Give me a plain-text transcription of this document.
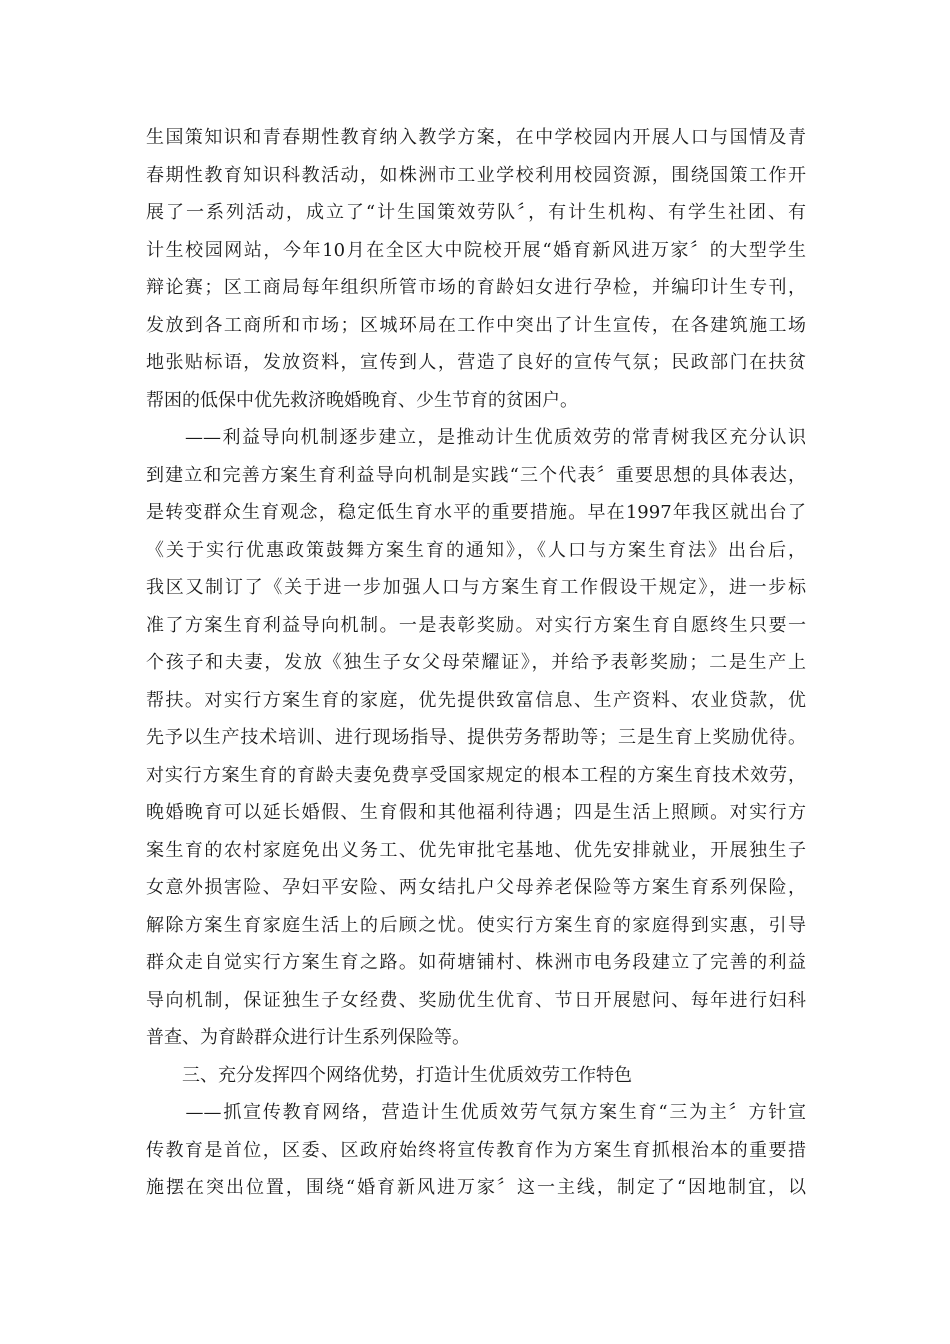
生国策知识和青春期性教育纳入教学方案，在中学校园内开展人口与国情及青
春期性教育知识科教活动，如株洲市工业学校利用校园资源，围绕国策工作开
展了一系列活动，成立了“计生国策效劳队〞，有计生机构、有学生社团、有
计生校园网站，今年10月在全区大中院校开展“婚育新风进万家〞的大型学生
辩论赛；区工商局每年组织所管市场的育龄妇女进行孕检，并编印计生专刊，
发放到各工商所和市场；区城环局在工作中突出了计生宣传，在各建筑施工场
地张贴标语，发放资料，宣传到人，营造了良好的宣传气氛；民政部门在扶贫
帮困的低保中优先救济晚婚晚育、少生节育的贫困户。
　　——利益导向机制逐步建立，是推动计生优质效劳的常青树我区充分认识
到建立和完善方案生育利益导向机制是实践“三个代表〞重要思想的具体表达，
是转变群众生育观念，稳定低生育水平的重要措施。早在1997年我区就出台了
《关于实行优惠政策鼓舞方案生育的通知》，《人口与方案生育法》出台后，
我区又制订了《关于进一步加强人口与方案生育工作假设干规定》，进一步标
准了方案生育利益导向机制。一是表彰奖励。对实行方案生育自愿终生只要一
个孩子和夫妻，发放《独生子女父母荣耀证》，并给予表彰奖励；二是生产上
帮扶。对实行方案生育的家庭，优先提供致富信息、生产资料、农业贷款，优
先予以生产技术培训、进行现场指导、提供劳务帮助等；三是生育上奖励优待。
对实行方案生育的育龄夫妻免费享受国家规定的根本工程的方案生育技术效劳，
晚婚晚育可以延长婚假、生育假和其他福利待遇；四是生活上照顾。对实行方
案生育的农村家庭免出义务工、优先审批宅基地、优先安排就业，开展独生子
女意外损害险、孕妇平安险、两女结扎户父母养老保险等方案生育系列保险，
解除方案生育家庭生活上的后顾之忧。使实行方案生育的家庭得到实惠，引导
群众走自觉实行方案生育之路。如荷塘铺村、株洲市电务段建立了完善的利益
导向机制，保证独生子女经费、奖励优生优育、节日开展慰问、每年进行妇科
普查、为育龄群众进行计生系列保险等。
　　三、充分发挥四个网络优势，打造计生优质效劳工作特色
　　——抓宣传教育网络，营造计生优质效劳气氛方案生育“三为主〞方针宣
传教育是首位，区委、区政府始终将宣传教育作为方案生育抓根治本的重要措
施摆在突出位置，围绕“婚育新风进万家〞这一主线，制定了“因地制宜，以
